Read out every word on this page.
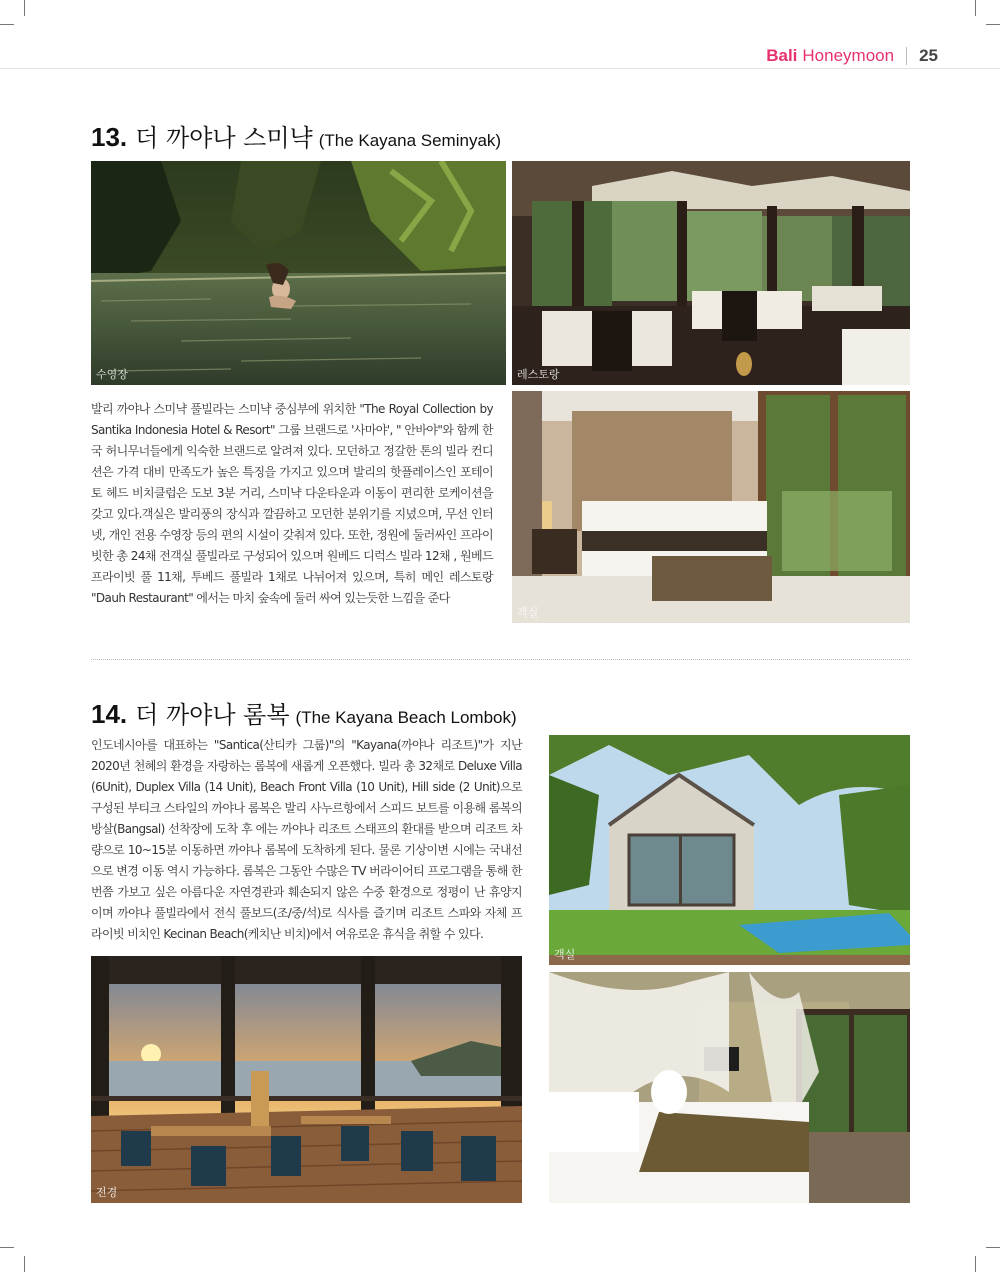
Bali Honeymoon 25
13. 더 까야나 스미냑 (The Kayana Seminyak)
수영장	레스토랑
객실

발리 까야나 스미냑 풀빌라는 스미냑 중심부에 위치한 "The Royal Collection by Santika Indonesia Hotel & Resort" 그룹 브랜드로 '사마야', " 안바야"와 함께 한국 허니무너들에게 익숙한 브랜드로 알려져 있다. 모던하고 정갈한 톤의 빌라 컨디션은 가격 대비 만족도가 높은 특징을 가지고 있으며 발리의 핫플레이스인 포테이토 헤드 비치클럽은 도보 3분 거리, 스미냑 다운타운과 이동이 편리한 로케이션을 갖고 있다.객실은 발리풍의 장식과 깔끔하고 모던한 분위기를 지녔으며, 무선 인터넷, 개인 전용 수영장 등의 편의 시설이 갖춰져 있다. 또한, 정원에 둘러싸인 프라이빗한 총 24채 전객실 풀빌라로 구성되어 있으며 원베드 디럭스 빌라 12채 , 원베드 프라이빗 풀 11채, 투베드 풀빌라 1채로 나뉘어져 있으며, 특히 메인 레스토랑 "Dauh Restaurant" 에서는 마치 숲속에 둘러 싸여 있는듯한 느낌을 준다

14. 더 까야나 롬복 (The Kayana Beach Lombok)

인도네시아를 대표하는 "Santica(산티카 그룹)"의 "Kayana(까야나 리조트)"가 지난 2020년 천혜의 환경을 자랑하는 롬복에 새롭게 오픈했다. 빌라 총 32채로 Deluxe Villa (6Unit), Duplex Villa (14 Unit), Beach Front Villa (10 Unit), Hill side (2 Unit)으로 구성된 부티크 스타일의 까야나 롬복은 발리 사누르항에서 스피드 보트를 이용해 롬복의 방살(Bangsal) 선착장에 도착 후 에는 까야나 리조트 스태프의 환대를 받으며 리조트 차량으로 10~15분 이동하면 까야나 롬복에 도착하게 된다. 물론 기상이변 시에는 국내선으로 변경 이동 역시 가능하다. 롬복은 그동안 수많은 TV 버라이어티 프로그램을 통해 한번쯤 가보고 싶은 아름다운 자연경관과 훼손되지 않은 수중 환경으로 정평이 난 휴양지이며 까야나 풀빌라에서 전식 풀보드(조/중/석)로 식사를 즐기며 리조트 스파와 자체 프라이빗 비치인 Kecinan Beach(케치난 비치)에서 여유로운 휴식을 취할 수 있다.

객실
전경
